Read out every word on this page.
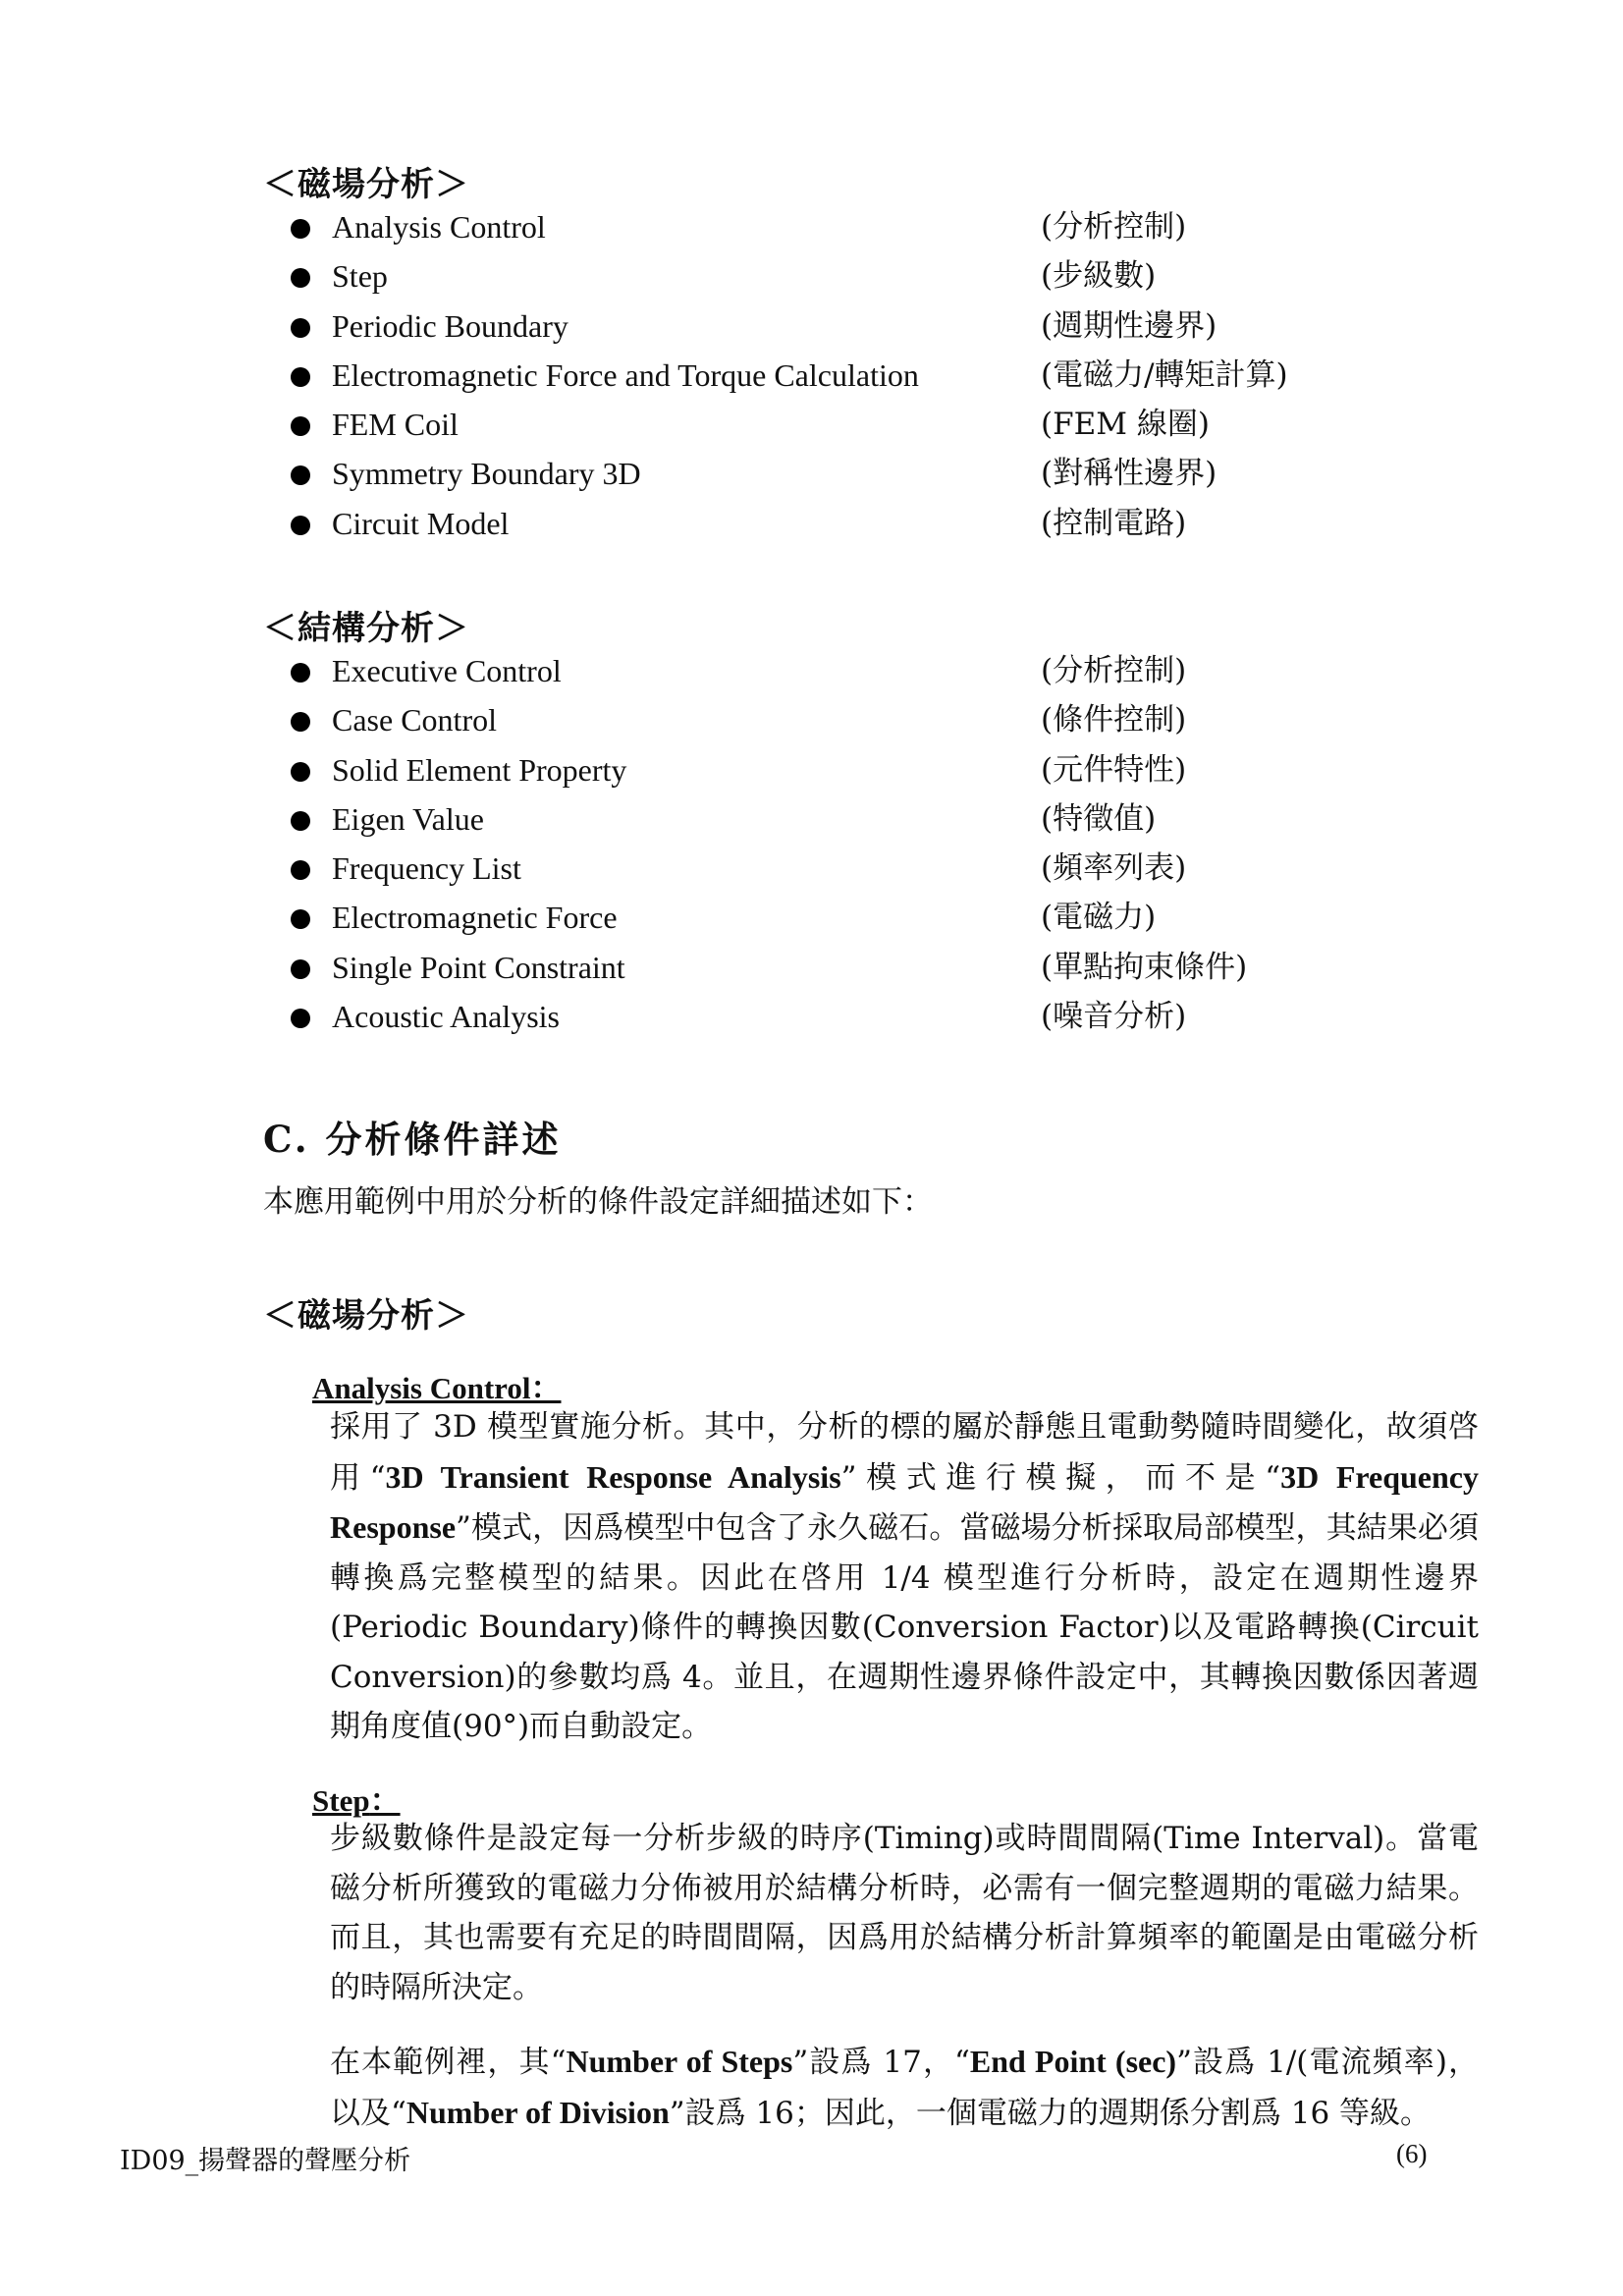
＜磁場分析＞
Analysis Control	(分析控制)
Step	(步級數)
Periodic Boundary	(週期性邊界)
Electromagnetic Force and Torque Calculation	(電磁力/轉矩計算)
FEM Coil	(FEM 線圈)
Symmetry Boundary 3D	(對稱性邊界)
Circuit Model	(控制電路)
＜結構分析＞
Executive Control	(分析控制)
Case Control	(條件控制)
Solid Element Property	(元件特性)
Eigen Value	(特徵值)
Frequency List	(頻率列表)
Electromagnetic Force	(電磁力)
Single Point Constraint	(單點拘束條件)
Acoustic Analysis	(噪音分析)
C. 分析條件詳述
本應用範例中用於分析的條件設定詳細描述如下：
＜磁場分析＞
Analysis Control：

採用了 3D 模型實施分析。其中，分析的標的屬於靜態且電動勢隨時間變化，故須啓用“3D Transient Response Analysis”模式進行模擬，而不是“3D Frequency Response”模式，因爲模型中包含了永久磁石。當磁場分析採取局部模型，其結果必須轉換爲完整模型的結果。因此在啓用 1/4 模型進行分析時，設定在週期性邊界(Periodic Boundary)條件的轉換因數(Conversion Factor)以及電路轉換(Circuit Conversion)的參數均爲 4。並且，在週期性邊界條件設定中，其轉換因數係因著週期角度值(90°)而自動設定。

Step：

步級數條件是設定每一分析步級的時序(Timing)或時間間隔(Time Interval)。當電磁分析所獲致的電磁力分佈被用於結構分析時，必需有一個完整週期的電磁力結果。而且，其也需要有充足的時間間隔，因爲用於結構分析計算頻率的範圍是由電磁分析的時隔所決定。

在本範例裡，其“Number of Steps”設爲 17，“End Point (sec)”設爲 1/(電流頻率)，以及“Number of Division”設爲 16；因此，一個電磁力的週期係分割爲 16 等級。

ID09_揚聲器的聲壓分析	(6)
